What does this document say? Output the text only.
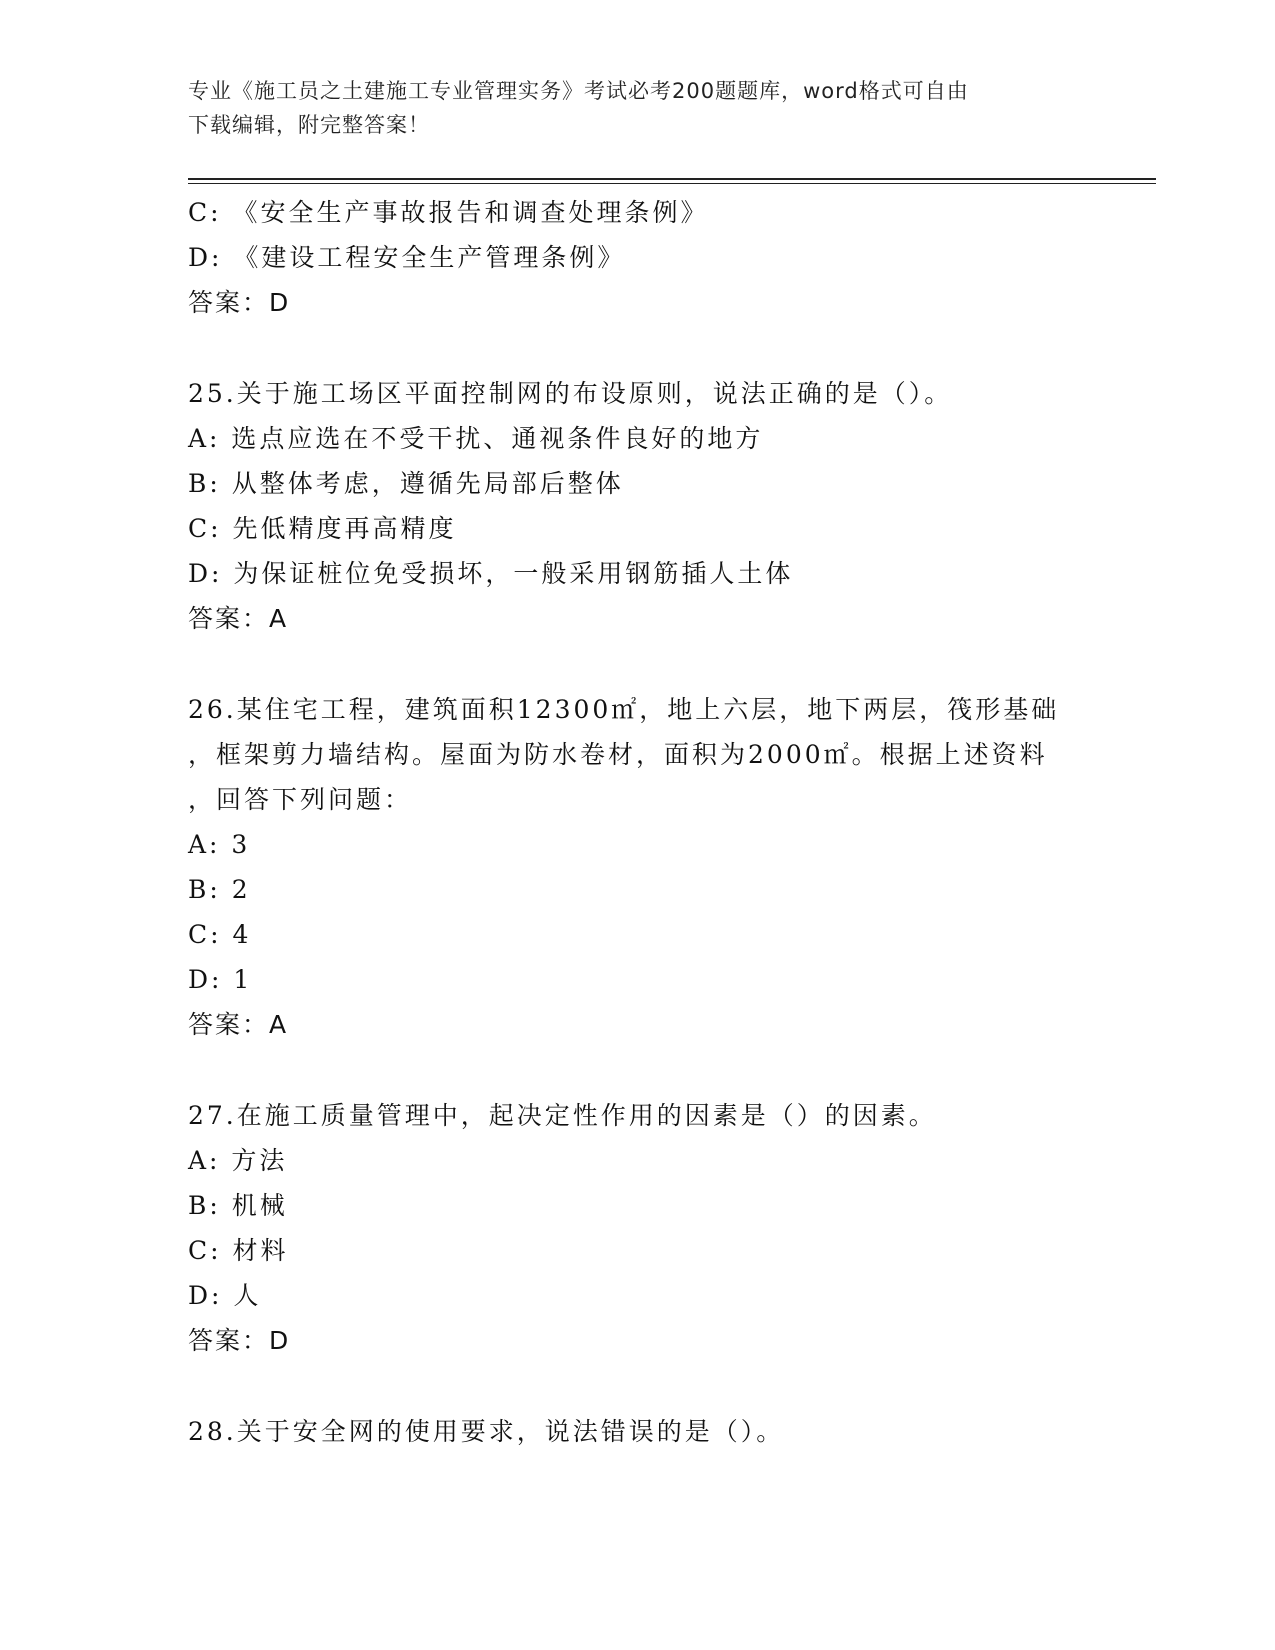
专业《施工员之土建施工专业管理实务》考试必考200题题库，word格式可自由
下载编辑，附完整答案！
C: 《安全生产事故报告和调查处理条例》
D: 《建设工程安全生产管理条例》
答案：D
25.关于施工场区平面控制网的布设原则，说法正确的是（）。
A: 选点应选在不受干扰、通视条件良好的地方
B: 从整体考虑，遵循先局部后整体
C: 先低精度再高精度
D: 为保证桩位免受损坏，一般采用钢筋插人土体
答案：A
26.某住宅工程，建筑面积12300㎡，地上六层，地下两层，筏形基础
，框架剪力墙结构。屋面为防水卷材，面积为2000㎡。根据上述资料
，回答下列问题：
A: 3
B: 2
C: 4
D: 1
答案：A
27.在施工质量管理中，起决定性作用的因素是（）的因素。
A: 方法
B: 机械
C: 材料
D: 人
答案：D
28.关于安全网的使用要求，说法错误的是（）。
